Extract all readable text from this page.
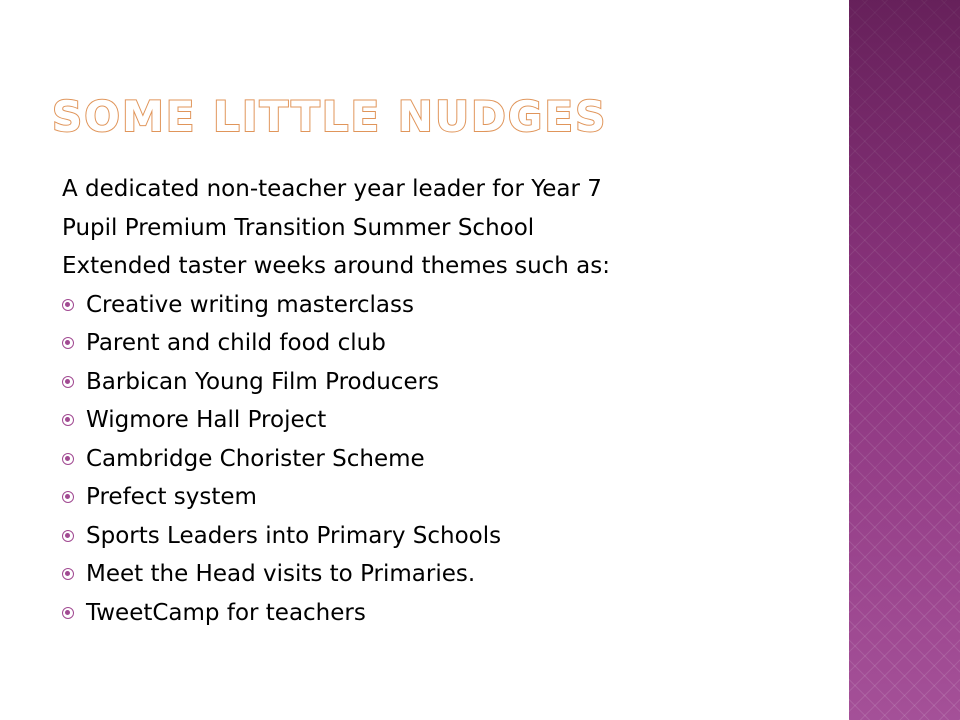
SOME LITTLE NUDGES
A dedicated non-teacher year leader for Year 7
Pupil Premium Transition Summer School
Extended taster weeks around themes such as:
Creative writing masterclass
Parent and child food club
Barbican Young Film Producers
Wigmore Hall Project
Cambridge Chorister Scheme
Prefect system
Sports Leaders into Primary Schools
Meet the Head visits to Primaries.
TweetCamp for teachers
